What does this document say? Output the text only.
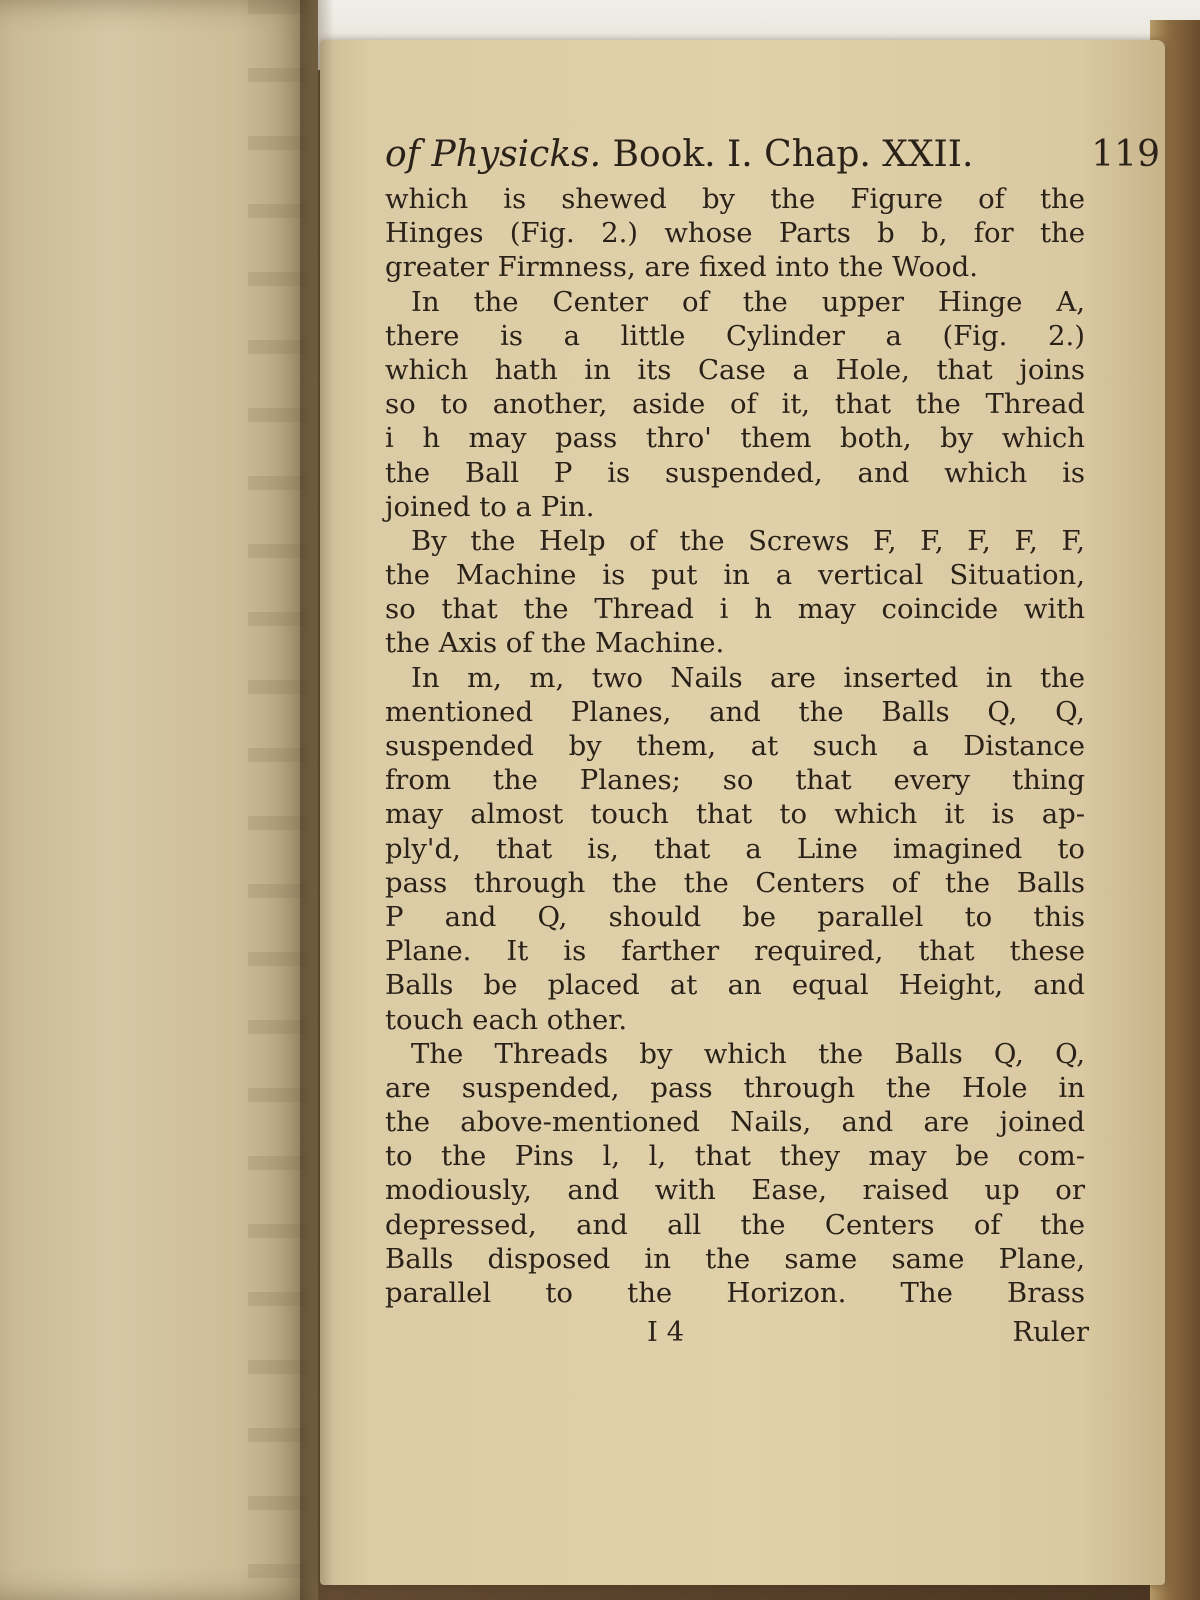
of Physicks. Book. I. Chap. XXII.	119
which is shewed by the Figure of the
Hinges (Fig. 2.) whose Parts b b, for the
greater Firmness, are fixed into the Wood.
In the Center of the upper Hinge A,
there is a little Cylinder a (Fig. 2.)
which hath in its Case a Hole, that joins
so to another, aside of it, that the Thread
i h may pass thro' them both, by which
the Ball P is suspended, and which is
joined to a Pin.
By the Help of the Screws F, F, F, F, F,
the Machine is put in a vertical Situation,
so that the Thread i h may coincide with
the Axis of the Machine.
In m, m, two Nails are inserted in the
mentioned Planes, and the Balls Q, Q,
suspended by them, at such a Distance
from the Planes; so that every thing
may almost touch that to which it is ap-
ply'd, that is, that a Line imagined to
pass through the the Centers of the Balls
P and Q, should be parallel to this
Plane. It is farther required, that these
Balls be placed at an equal Height, and
touch each other.
The Threads by which the Balls Q, Q,
are suspended, pass through the Hole in
the above-mentioned Nails, and are joined
to the Pins l, l, that they may be com-
modiously, and with Ease, raised up or
depressed, and all the Centers of the
Balls disposed in the same same Plane,
parallel to the Horizon. The Brass
I 4	Ruler
